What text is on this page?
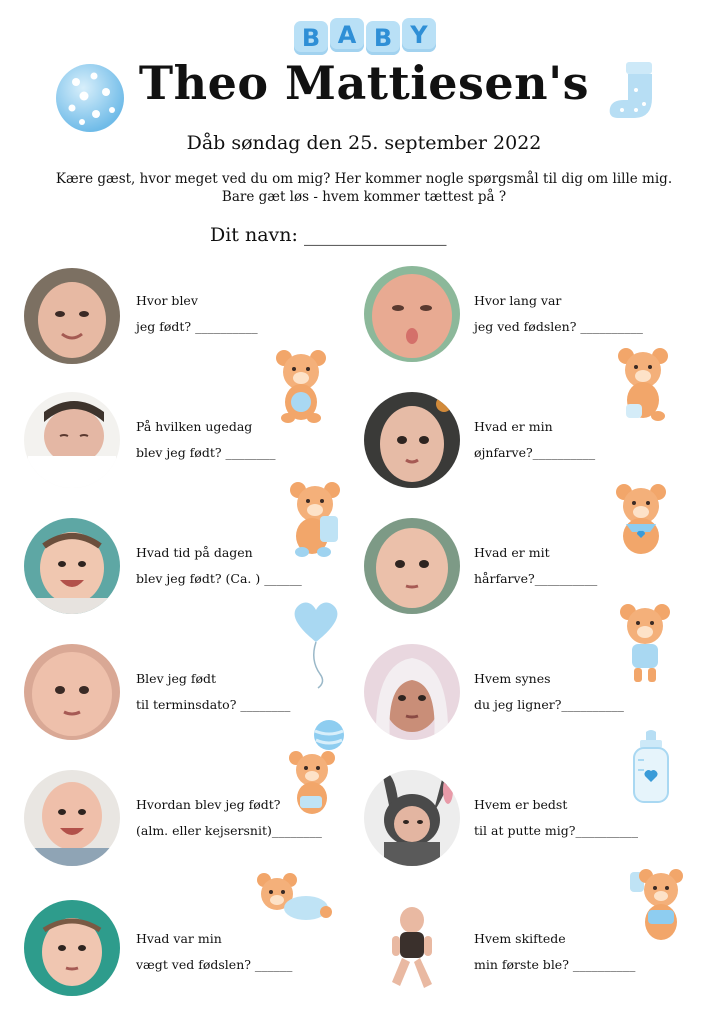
B A B Y
Theo Mattiesen's
Dåb søndag den 25. september 2022
Kære gæst, hvor meget ved du om mig? Her kommer nogle spørgsmål til dig om lille mig.
Bare gæt løs - hvem kommer tættest på ?
Dit navn: _______________
Hvor blev
jeg født? __________
Hvor lang var
jeg ved fødslen? __________
På hvilken ugedag
blev jeg født? ________
Hvad er min
øjnfarve?__________
Hvad tid på dagen
blev jeg født? (Ca. ) ______
Hvad er mit
hårfarve?__________
Blev jeg født
til terminsdato? ________
Hvem synes
du jeg ligner?__________
Hvordan blev jeg født?
(alm. eller kejsersnit)________
Hvem er bedst
til at putte mig?__________
Hvad var min
vægt ved fødslen? ______
Hvem skiftede
min første ble? __________
